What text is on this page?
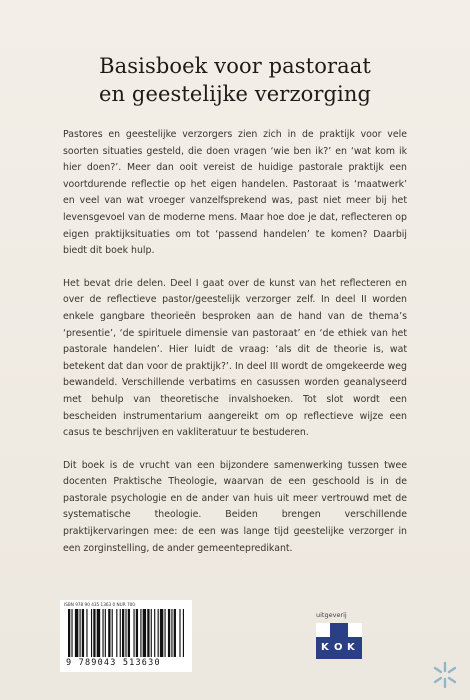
Basisboek voor pastoraat
en geestelijke verzorging

Pastores en geestelijke verzorgers zien zich in de praktijk voor vele soorten situaties gesteld, die doen vragen ‘wie ben ik?’ en ‘wat kom ik hier doen?’. Meer dan ooit vereist de huidige pastorale praktijk een voortdurende reflectie op het eigen handelen. Pastoraat is ‘maatwerk’ en veel van wat vroeger vanzelfsprekend was, past niet meer bij het levensgevoel van de moderne mens. Maar hoe doe je dat, reflecteren op eigen praktijksituaties om tot ‘passend handelen’ te komen? Daarbij biedt dit boek hulp.

Het bevat drie delen. Deel I gaat over de kunst van het reflecteren en over de reflectieve pastor/geestelijk verzorger zelf. In deel II worden enkele gangbare theorieën besproken aan de hand van de thema’s ‘presentie’, ‘de spirituele dimensie van pastoraat’ en ‘de ethiek van het pastorale handelen’. Hier luidt de vraag: ‘als dit de theorie is, wat betekent dat dan voor de praktijk?’. In deel III wordt de omgekeerde weg bewandeld. Verschillende verbatims en casussen worden geanalyseerd met behulp van theoretische invalshoeken. Tot slot wordt een bescheiden instrumentarium aangereikt om op reflectieve wijze een casus te beschrijven en vakliteratuur te bestuderen.

Dit boek is de vrucht van een bijzondere samenwerking tussen twee docenten Praktische Theologie, waarvan de een geschoold is in de pastorale psychologie en de ander van huis uit meer vertrouwd met de systematische theologie. Beiden brengen verschillende praktijkervaringen mee: de een was lange tijd geestelijke verzorger in een zorginstelling, de ander gemeentepredikant.

ISBN 978 90 435 1363 0 NUR 700
9 789043 513630
uitgeverij
K O K
